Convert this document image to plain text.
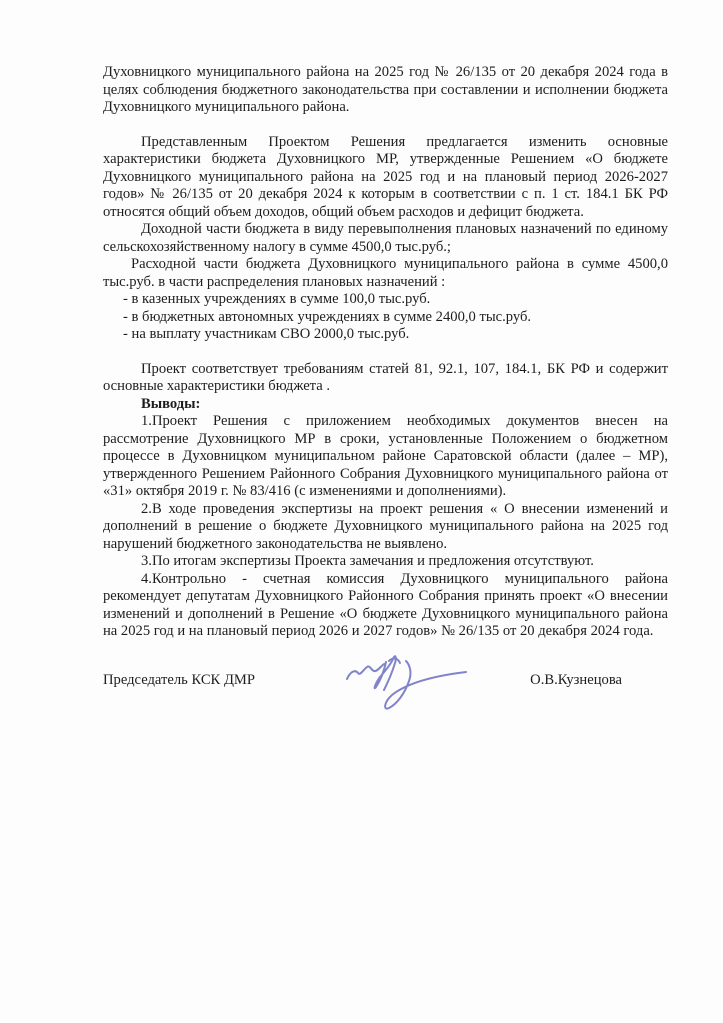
Духовницкого муниципального района на 2025 год № 26/135 от 20 декабря 2024 года в целях соблюдения бюджетного законодательства при составлении и исполнении бюджета Духовницкого муниципального района.

Представленным Проектом Решения предлагается изменить основные характеристики бюджета Духовницкого МР, утвержденные Решением «О бюджете Духовницкого муниципального района на 2025 год и на плановый период 2026-2027 годов» № 26/135 от 20 декабря 2024 к которым в соответствии с п. 1 ст. 184.1 БК РФ относятся общий объем доходов, общий объем расходов и дефицит бюджета.

Доходной части бюджета в виду перевыполнения плановых назначений по единому сельскохозяйственному налогу в сумме 4500,0 тыс.руб.;

Расходной части бюджета Духовницкого муниципального района в сумме 4500,0 тыс.руб. в части распределения плановых назначений :

- в казенных учреждениях в сумме 100,0 тыс.руб.

- в бюджетных автономных учреждениях в сумме 2400,0 тыс.руб.

- на выплату участникам СВО 2000,0 тыс.руб.

Проект соответствует требованиям статей 81, 92.1, 107, 184.1, БК РФ и содержит основные характеристики бюджета .

Выводы:

1.Проект Решения с приложением необходимых документов внесен на рассмотрение Духовницкого МР в сроки, установленные Положением о бюджетном процессе в Духовницком муниципальном районе Саратовской области (далее – МР), утвержденного Решением Районного Собрания Духовницкого муниципального района от «31» октября 2019 г. № 83/416 (с изменениями и дополнениями).

2.В ходе проведения экспертизы на проект решения « О внесении изменений и дополнений в решение о бюджете Духовницкого муниципального района на 2025 год нарушений бюджетного законодательства не выявлено.

3.По итогам экспертизы Проекта замечания и предложения отсутствуют.

4.Контрольно - счетная комиссия Духовницкого муниципального района рекомендует депутатам Духовницкого Районного Собрания принять проект «О внесении изменений и дополнений в Решение «О бюджете Духовницкого муниципального района на 2025 год и на плановый период 2026 и 2027 годов» № 26/135 от 20 декабря 2024 года.

Председатель КСК ДМР	О.В.Кузнецова
